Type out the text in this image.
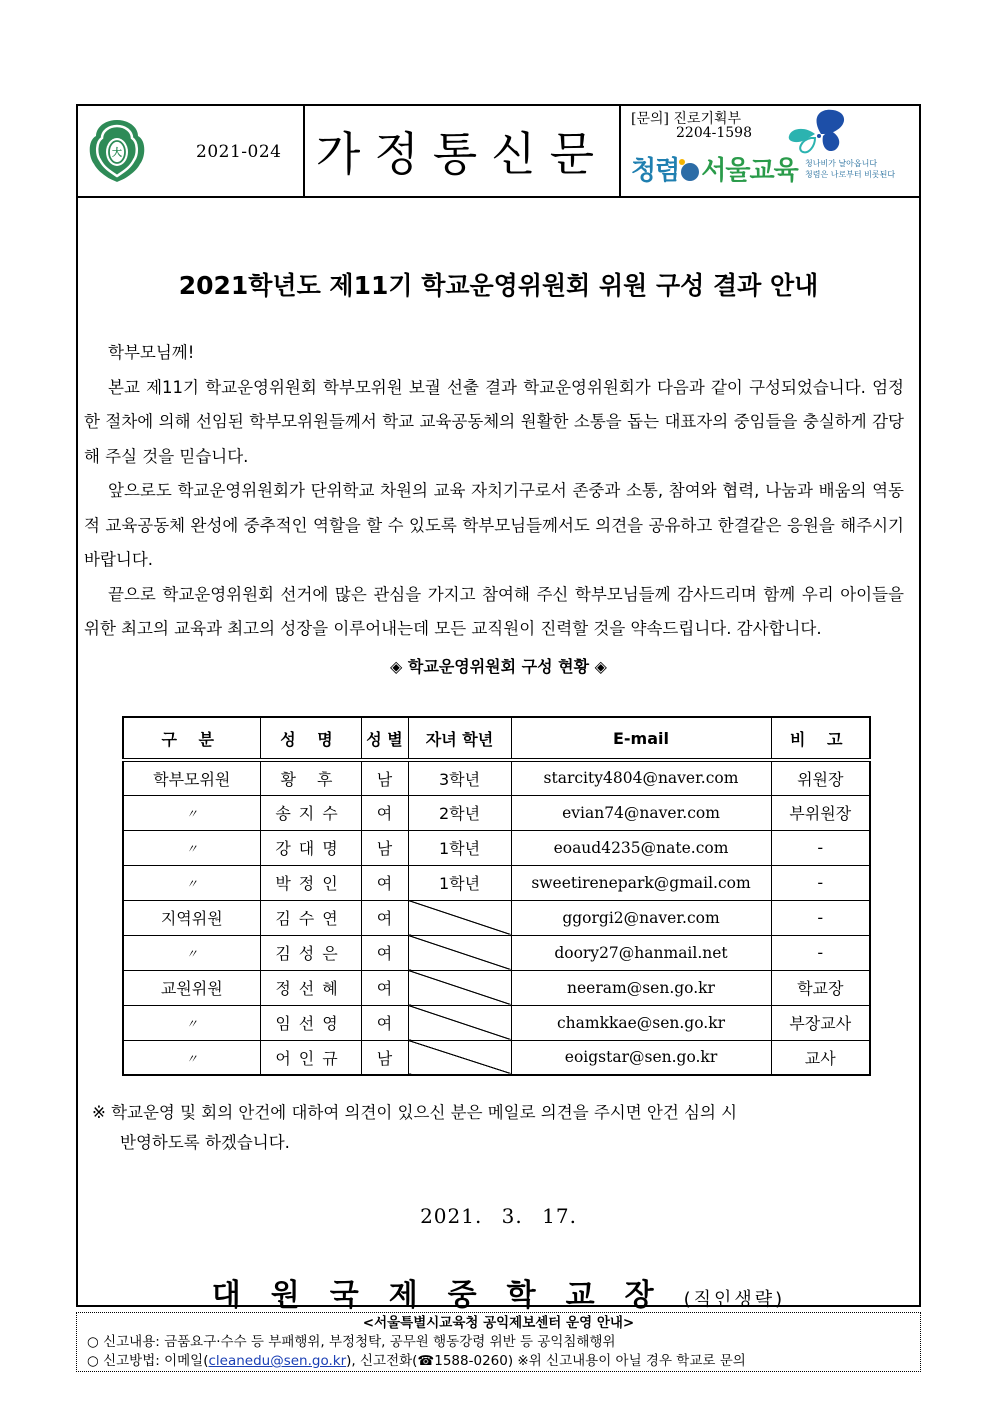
大	2021-024 가정통신문
[문의] 진로기획부
2204-1598
청렴 서울교육 청나비가 날아옵니다
청렴은 나로부터 비롯된다
2021학년도 제11기 학교운영위원회 위원 구성 결과 안내

학부모님께!

본교 제11기 학교운영위원회 학부모위원 보궐 선출 결과 학교운영위원회가 다음과 같이 구성되었습니다. 엄정한 절차에 의해 선임된 학부모위원들께서 학교 교육공동체의 원활한 소통을 돕는 대표자의 중임들을 충실하게 감당해 주실 것을 믿습니다.

앞으로도 학교운영위원회가 단위학교 차원의 교육 자치기구로서 존중과 소통, 참여와 협력, 나눔과 배움의 역동적 교육공동체 완성에 중추적인 역할을 할 수 있도록 학부모님들께서도 의견을 공유하고 한결같은 응원을 해주시기 바랍니다.

끝으로 학교운영위원회 선거에 많은 관심을 가지고 참여해 주신 학부모님들께 감사드리며 함께 우리 아이들을 위한 최고의 교육과 최고의 성장을 이루어내는데 모든 교직원이 진력할 것을 약속드립니다. 감사합니다.

◈ 학교운영위원회 구성 현황 ◈
구 분	성 명	성 별	자녀 학년	E-mail	비 고
학부모위원	황 후	남	3학년	starcity4804@naver.com	위원장
〃	송지수	여	2학년	evian74@naver.com	부위원장
〃	강대명	남	1학년	eoaud4235@nate.com	-
〃	박정인	여	1학년	sweetirenepark@gmail.com	-
지역위원	김수연	여		ggorgi2@naver.com	-
〃	김성은	여		doory27@hanmail.net	-
교원위원	정선혜	여		neeram@sen.go.kr	학교장
〃	임선영	여		chamkkae@sen.go.kr	부장교사
〃	어인규	남		eoigstar@sen.go.kr	교사
※ 학교운영 및 회의 안건에 대하여 의견이 있으신 분은 메일로 의견을 주시면 안건 심의 시
반영하도록 하겠습니다.
2021. 3. 17.
대원국제중학교장(직인생략)
<서울특별시교육청 공익제보센터 운영 안내>
○ 신고내용: 금품요구·수수 등 부패행위, 부정청탁, 공무원 행동강령 위반 등 공익침해행위
○ 신고방법: 이메일(cleanedu@sen.go.kr), 신고전화(☎1588-0260) ※위 신고내용이 아닐 경우 학교로 문의
